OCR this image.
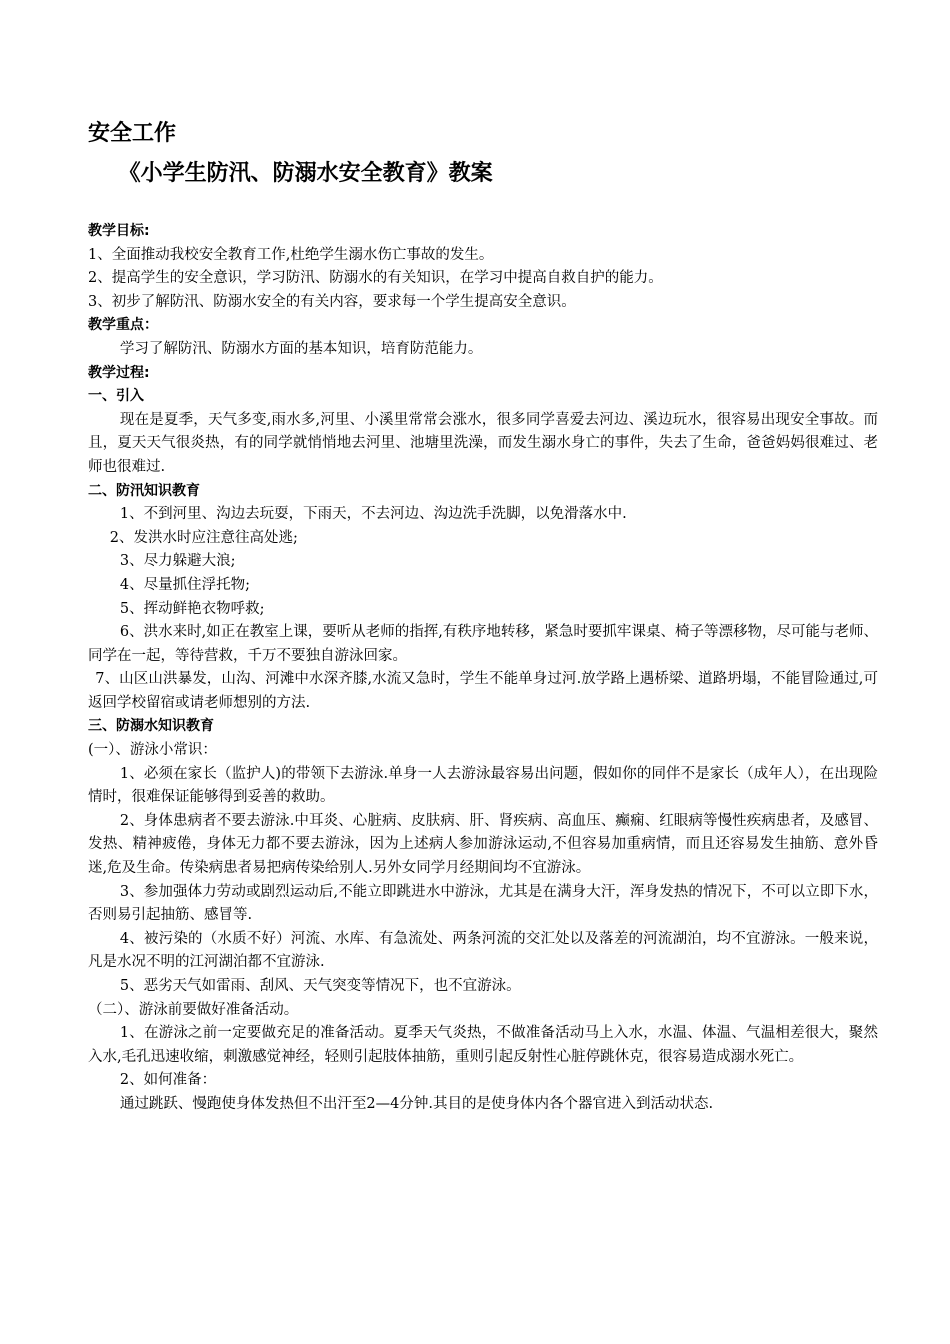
安全工作
《小学生防汛、防溺水安全教育》教案
教学目标:

1、全面推动我校安全教育工作,杜绝学生溺水伤亡事故的发生。

2、提高学生的安全意识，学习防汛、防溺水的有关知识，在学习中提高自救自护的能力。

3、初步了解防汛、防溺水安全的有关内容，要求每一个学生提高安全意识。

教学重点：

学习了解防汛、防溺水方面的基本知识，培育防范能力。

教学过程:
一、引入

现在是夏季，天气多变,雨水多,河里、小溪里常常会涨水，很多同学喜爱去河边、溪边玩水，很容易出现安全事故。而且，夏天天气很炎热，有的同学就悄悄地去河里、池塘里洗澡，而发生溺水身亡的事件，失去了生命，爸爸妈妈很难过、老师也很难过.

二、防汛知识教育

1、不到河里、沟边去玩耍，下雨天，不去河边、沟边洗手洗脚，以免滑落水中.

2、发洪水时应注意往高处逃;

3、尽力躲避大浪;

4、尽量抓住浮托物;

5、挥动鲜艳衣物呼救;

6、洪水来时,如正在教室上课，要听从老师的指挥,有秩序地转移，紧急时要抓牢课桌、椅子等漂移物，尽可能与老师、同学在一起，等待营救，千万不要独自游泳回家。

7、山区山洪暴发，山沟、河滩中水深齐膝,水流又急时，学生不能单身过河.放学路上遇桥梁、道路坍塌，不能冒险通过,可返回学校留宿或请老师想别的方法.

三、防溺水知识教育

(一）、游泳小常识：

1、必须在家长（监护人)的带领下去游泳.单身一人去游泳最容易出问题，假如你的同伴不是家长（成年人），在出现险情时，很难保证能够得到妥善的救助。

2、身体患病者不要去游泳.中耳炎、心脏病、皮肤病、肝、肾疾病、高血压、癫痫、红眼病等慢性疾病患者，及感冒、发热、精神疲倦，身体无力都不要去游泳，因为上述病人参加游泳运动,不但容易加重病情，而且还容易发生抽筋、意外昏迷,危及生命。传染病患者易把病传染给别人.另外女同学月经期间均不宜游泳。

3、参加强体力劳动或剧烈运动后,不能立即跳进水中游泳，尤其是在满身大汗，浑身发热的情况下，不可以立即下水，否则易引起抽筋、感冒等.

4、被污染的（水质不好）河流、水库、有急流处、两条河流的交汇处以及落差的河流湖泊，均不宜游泳。一般来说，凡是水况不明的江河湖泊都不宜游泳.

5、恶劣天气如雷雨、刮风、天气突变等情况下，也不宜游泳。

（二）、游泳前要做好准备活动。

1、在游泳之前一定要做充足的准备活动。夏季天气炎热，不做准备活动马上入水，水温、体温、气温相差很大，聚然入水,毛孔迅速收缩，刺激感觉神经，轻则引起肢体抽筋，重则引起反射性心脏停跳休克，很容易造成溺水死亡。

2、如何准备：

通过跳跃、慢跑使身体发热但不出汗至2—4分钟.其目的是使身体内各个器官进入到活动状态.
